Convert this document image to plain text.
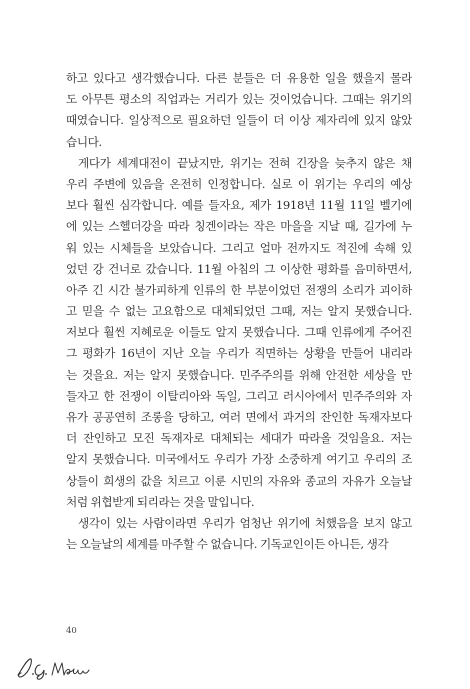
하고 있다고 생각했습니다. 다른 분들은 더 유용한 일을 했을지 몰라
도 아무튼 평소의 직업과는 거리가 있는 것이었습니다. 그때는 위기의
때였습니다. 일상적으로 필요하던 일들이 더 이상 제자리에 있지 않았
습니다.
게다가 세계대전이 끝났지만, 위기는 전혀 긴장을 늦추지 않은 채
우리 주변에 있음을 온전히 인정합니다. 실로 이 위기는 우리의 예상
보다 훨씬 심각합니다. 예를 들자요, 제가 1918년 11월 11일 벨기에
에 있는 스헬더강을 따라 칭겐이라는 작은 마을을 지날 때, 길가에 누
워 있는 시체들을 보았습니다. 그리고 얼마 전까지도 적진에 속해 있
었던 강 건너로 갔습니다. 11월 아침의 그 이상한 평화를 음미하면서,
아주 긴 시간 불가피하게 인류의 한 부분이었던 전쟁의 소리가 괴이하
고 믿을 수 없는 고요함으로 대체되었던 그때, 저는 알지 못했습니다.
저보다 훨씬 지혜로운 이들도 알지 못했습니다. 그때 인류에게 주어진
그 평화가 16년이 지난 오늘 우리가 직면하는 상황을 만들어 내리라
는 것을요. 저는 알지 못했습니다. 민주주의를 위해 안전한 세상을 만
들자고 한 전쟁이 이탈리아와 독일, 그리고 러시아에서 민주주의와 자
유가 공공연히 조롱을 당하고, 여러 면에서 과거의 잔인한 독재자보다
더 잔인하고 모진 독재자로 대체되는 세대가 따라올 것임을요. 저는
알지 못했습니다. 미국에서도 우리가 가장 소중하게 여기고 우리의 조
상들이 희생의 값을 치르고 이룬 시민의 자유와 종교의 자유가 오늘날
처럼 위협받게 되리라는 것을 말입니다.
생각이 있는 사람이라면 우리가 엄청난 위기에 처했음을 보지 않고
는 오늘날의 세계를 마주할 수 없습니다. 기독교인이든 아니든, 생각
40
